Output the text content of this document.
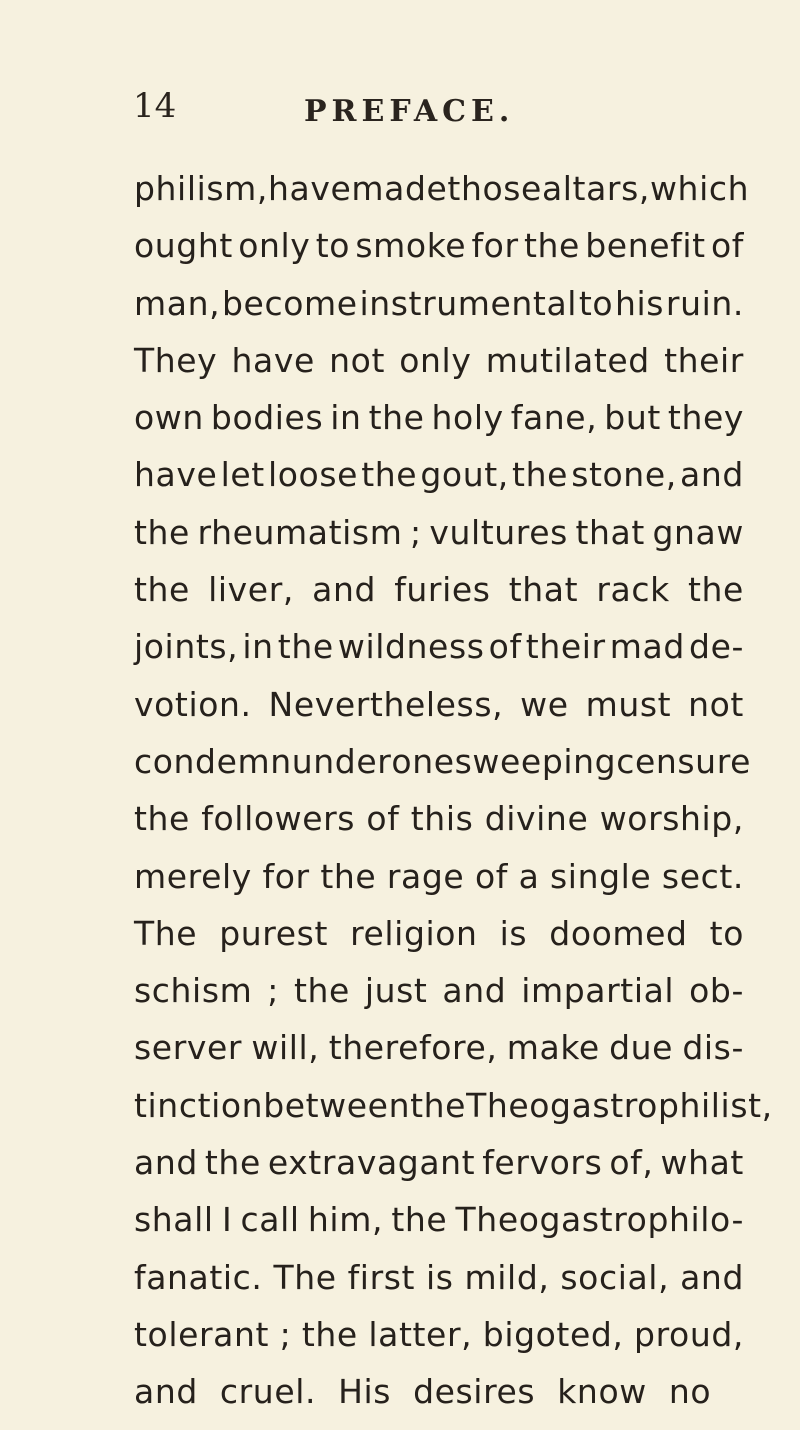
14	PREFACE.
philism, have made those altars, which
ought only to smoke for the benefit of
man, become instrumental to his ruin.
They have not only mutilated their
own bodies in the holy fane, but they
have let loose the gout, the stone, and
the rheumatism ; vultures that gnaw
the liver, and furies that rack the
joints, in the wildness of their mad de-
votion. Nevertheless, we must not
condemn under one sweeping censure
the followers of this divine worship,
merely for the rage of a single sect.
The purest religion is doomed to
schism ; the just and impartial ob-
server will, therefore, make due dis-
tinction between the Theogastrophilist,
and the extravagant fervors of, what
shall I call him, the Theogastrophilo-
fanatic. The first is mild, social, and
tolerant ; the latter, bigoted, proud,
and cruel. His desires know no
